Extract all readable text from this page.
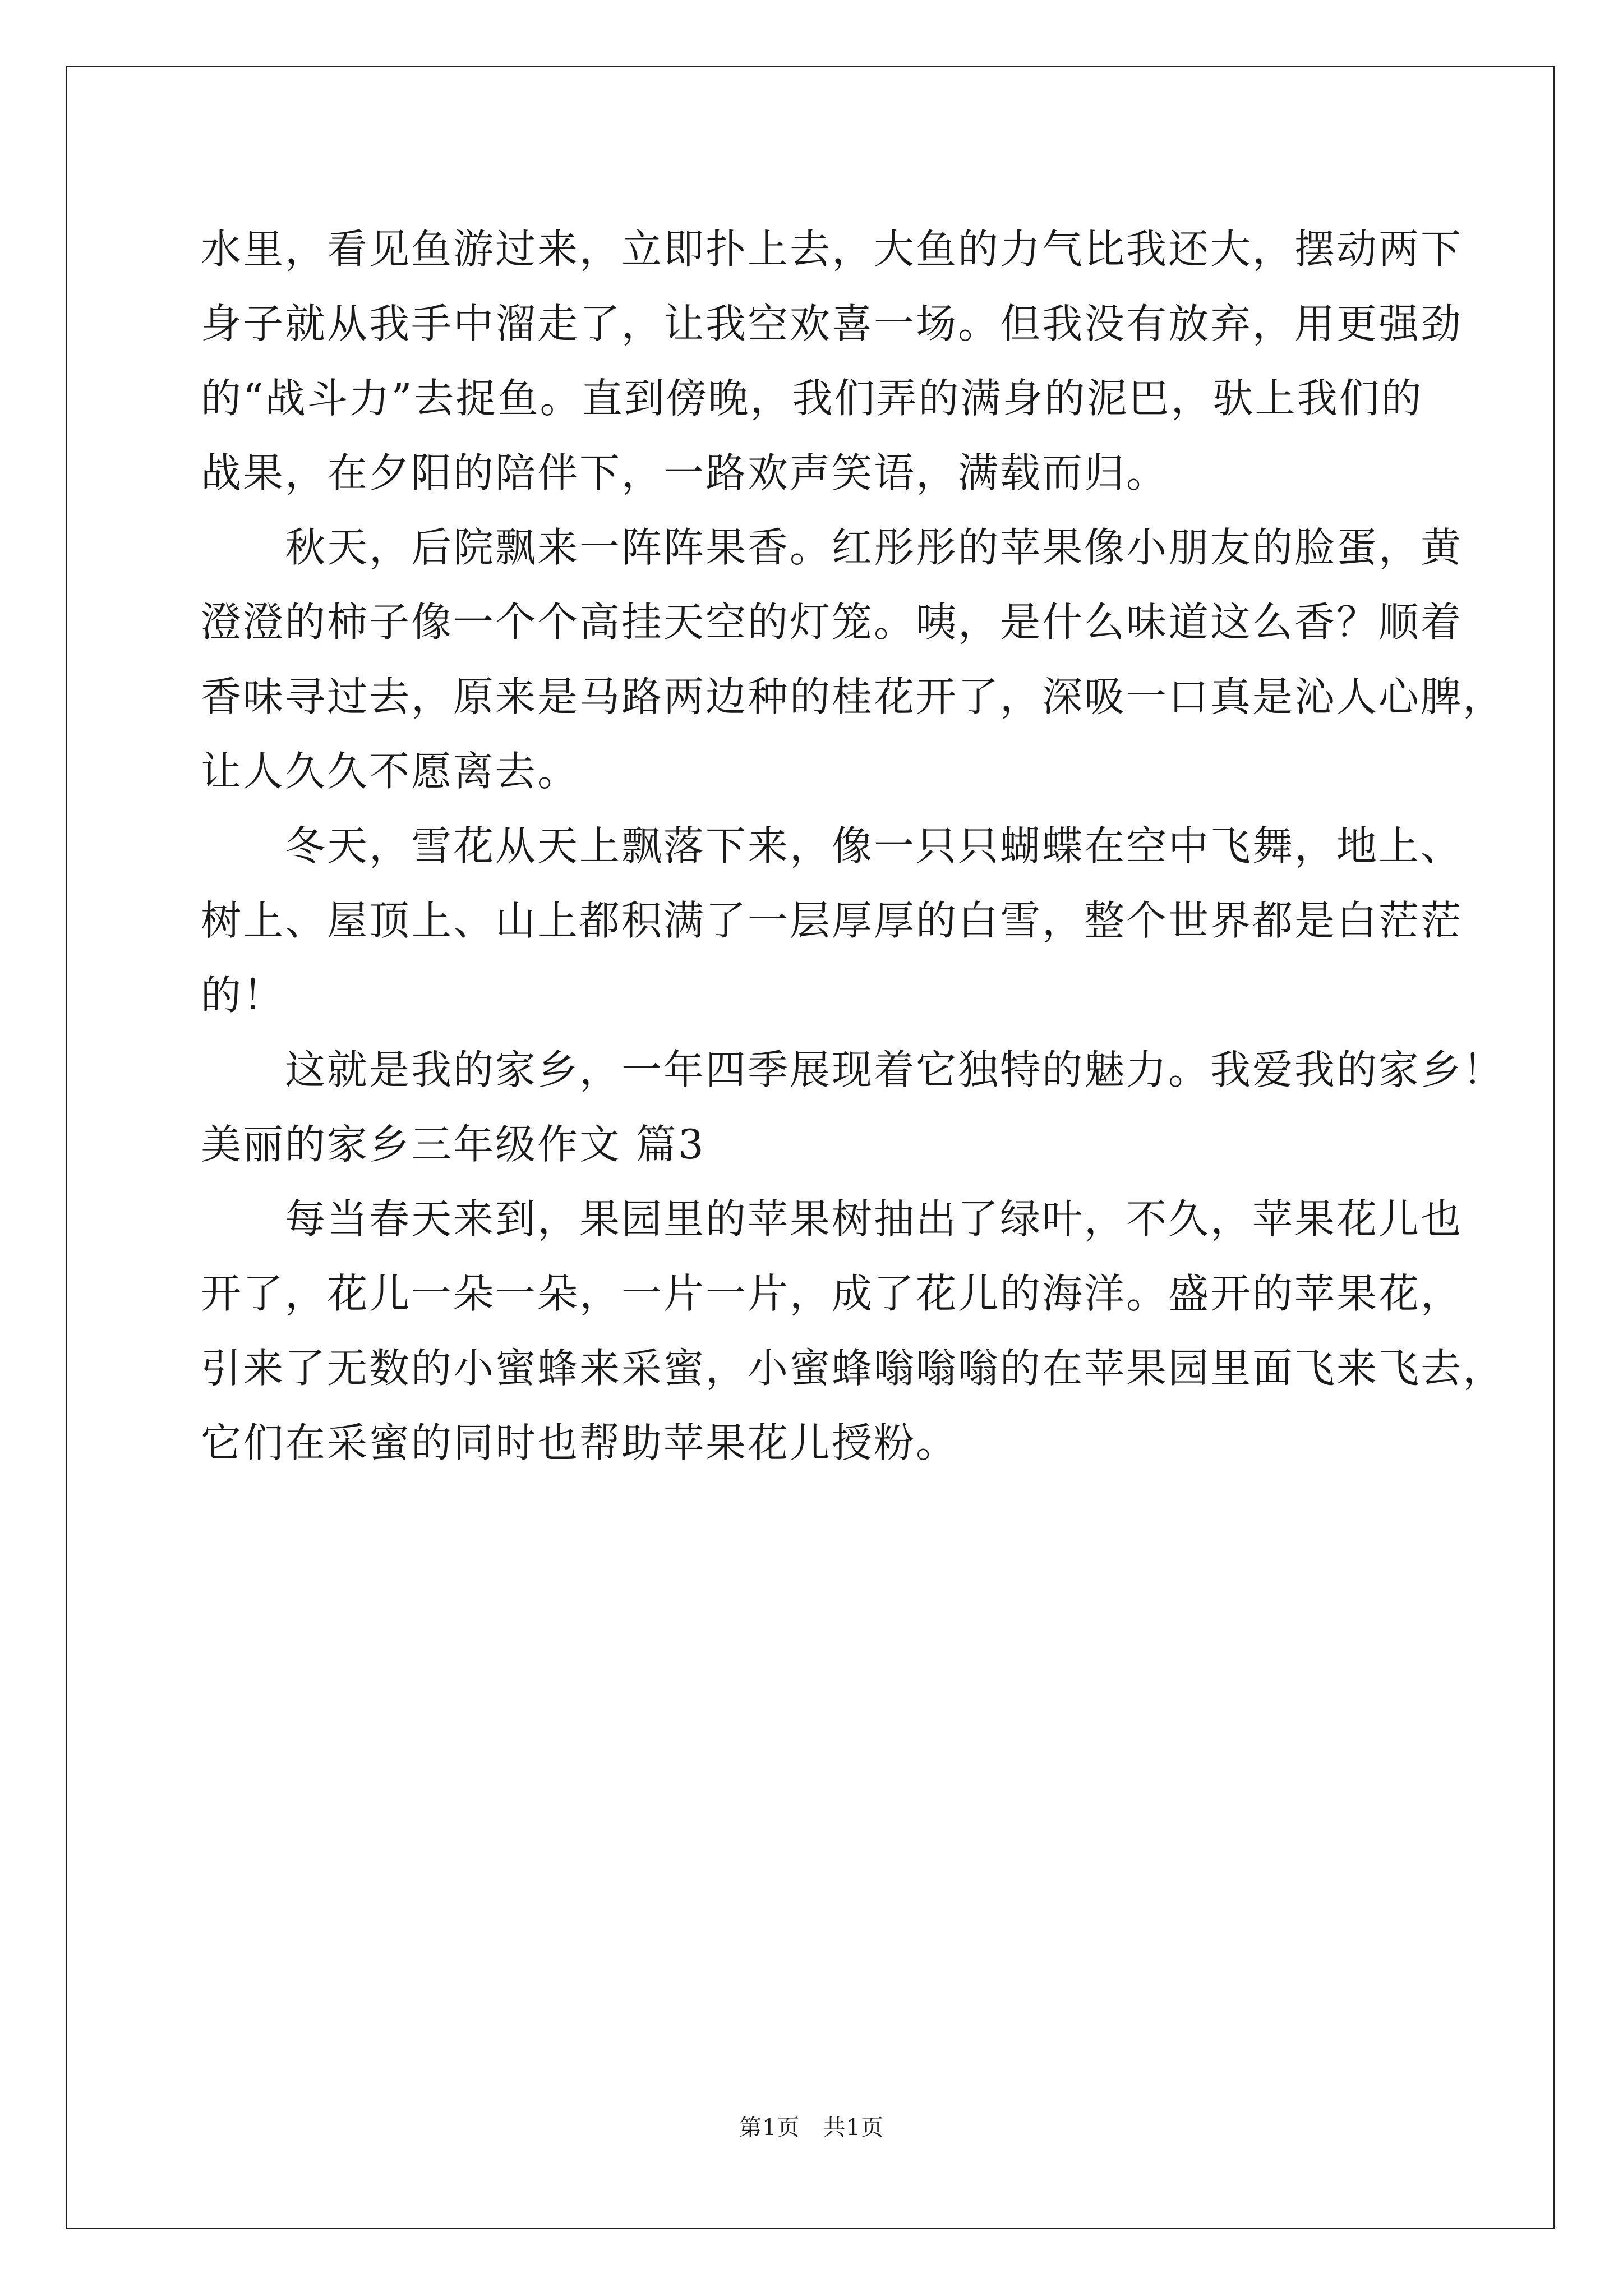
水里，看见鱼游过来，立即扑上去，大鱼的力气比我还大，摆动两下
身子就从我手中溜走了，让我空欢喜一场。但我没有放弃，用更强劲
的“战斗力”去捉鱼。直到傍晚，我们弄的满身的泥巴，驮上我们的
战果，在夕阳的陪伴下，一路欢声笑语，满载而归。
秋天，后院飘来一阵阵果香。红彤彤的苹果像小朋友的脸蛋，黄
澄澄的柿子像一个个高挂天空的灯笼。咦，是什么味道这么香？顺着
香味寻过去，原来是马路两边种的桂花开了，深吸一口真是沁人心脾，
让人久久不愿离去。
冬天，雪花从天上飘落下来，像一只只蝴蝶在空中飞舞，地上、
树上、屋顶上、山上都积满了一层厚厚的白雪，整个世界都是白茫茫
的！
这就是我的家乡，一年四季展现着它独特的魅力。我爱我的家乡！
美丽的家乡三年级作文 篇3
每当春天来到，果园里的苹果树抽出了绿叶，不久，苹果花儿也
开了，花儿一朵一朵，一片一片，成了花儿的海洋。盛开的苹果花，
引来了无数的小蜜蜂来采蜜，小蜜蜂嗡嗡嗡的在苹果园里面飞来飞去，
它们在采蜜的同时也帮助苹果花儿授粉。
第1页　共1页
